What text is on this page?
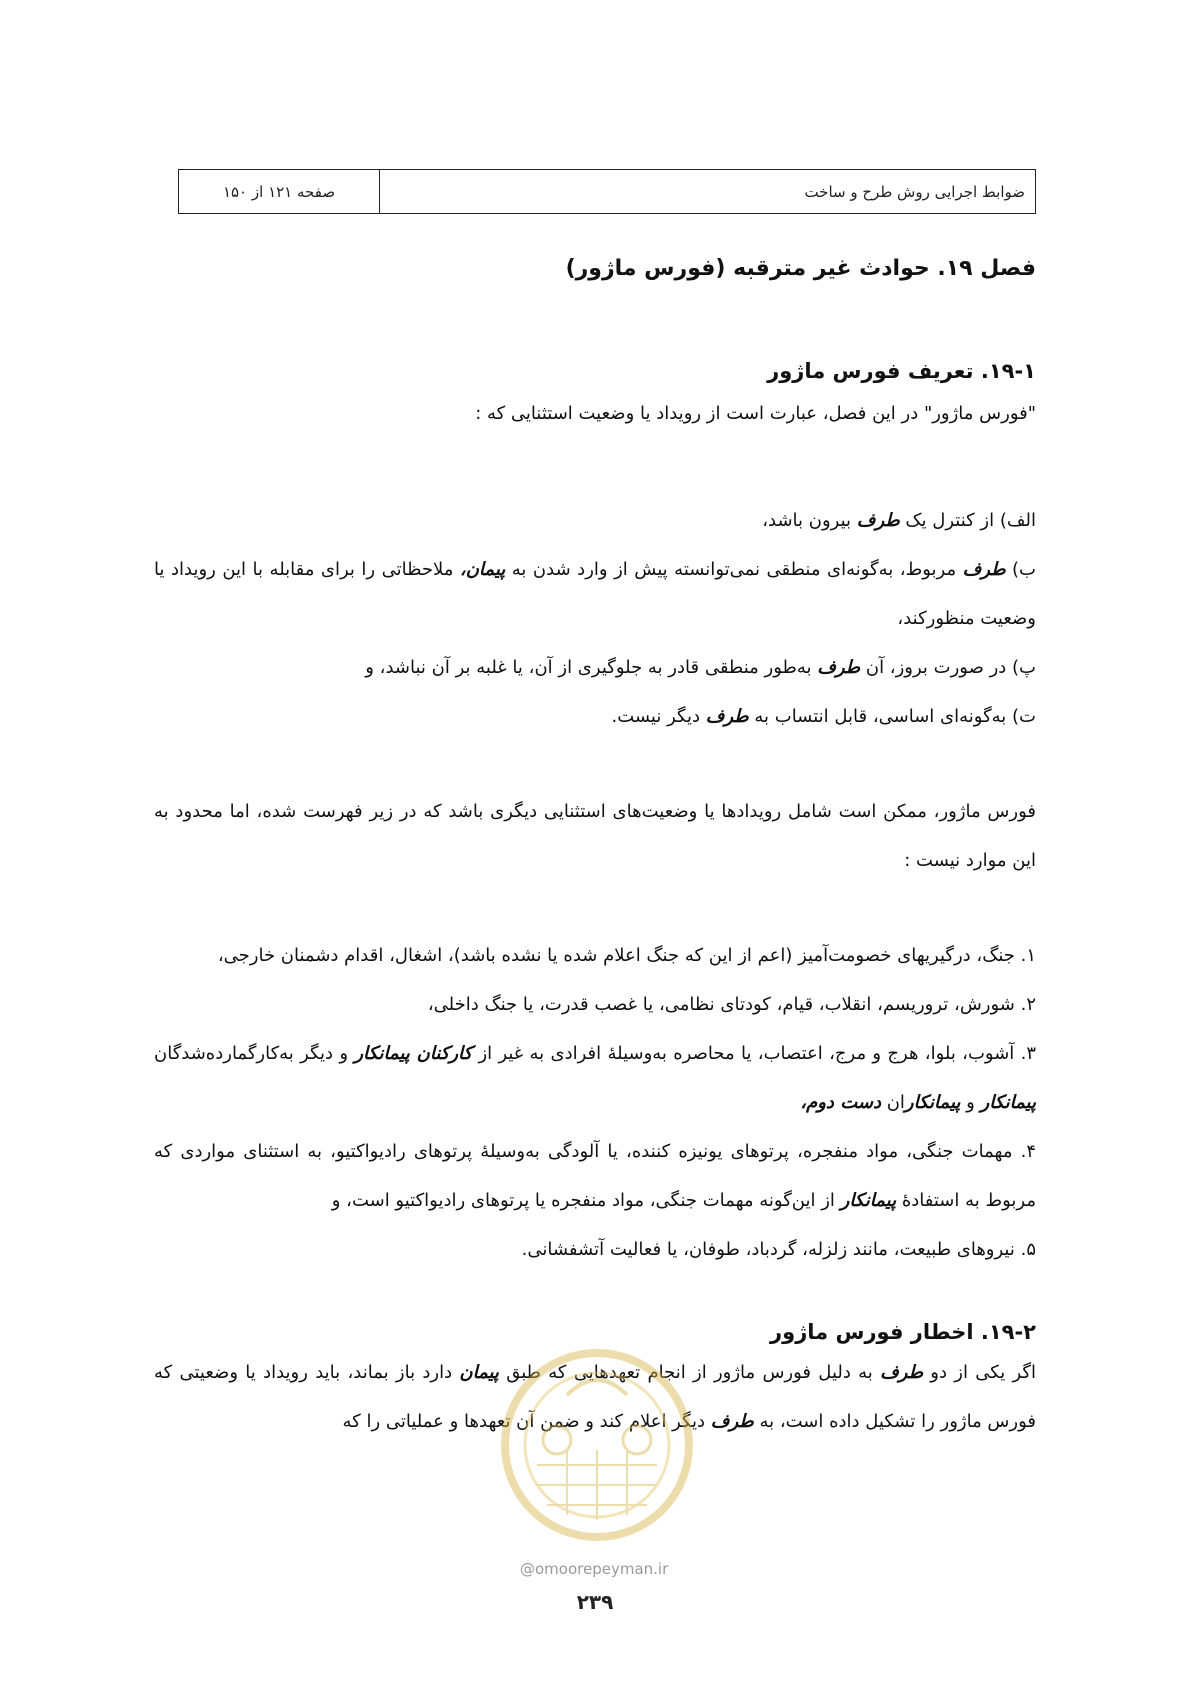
ضوابط اجرایی روش طرح و ساخت
صفحه ۱۲۱ از ۱۵۰
فصل ۱۹. حوادث غیر مترقبه (فورس ماژور)
۱۹-۱. تعریف فورس ماژور

"فورس ماژور" در این فصل، عبارت است از رویداد یا وضعیت استثنایی که :

الف) از کنترل یک طرف بیرون باشد،

ب) طرف مربوط، به‌گونه‌ای منطقی نمی‌توانسته پیش از وارد شدن به پیمان، ملاحظاتی را برای مقابله با این رویداد یا وضعیت منظورکند،

پ) در صورت بروز، آن طرف به‌طور منطقی قادر به جلوگیری از آن، یا غلبه بر آن نباشد، و

ت) به‌گونه‌ای اساسی، قابل انتساب به طرف دیگر نیست.

فورس ماژور، ممکن است شامل رویدادها یا وضعیت‌های استثنایی دیگری باشد که در زیر فهرست شده، اما محدود به این موارد نیست :

۱. جنگ، درگیریهای خصومت‌آمیز (اعم از این که جنگ اعلام شده یا نشده باشد)، اشغال، اقدام دشمنان خارجی،
۲. شورش، تروریسم، انقلاب، قیام، کودتای نظامی، یا غصب قدرت، یا جنگ داخلی،
۳. آشوب، بلوا، هرج و مرج، اعتصاب، یا محاصره به‌وسیلهٔ افرادی به غیر از کارکنان پیمانکار و دیگر به‌کارگمارده‌شدگان پیمانکار و پیمانکاران دست دوم،
۴. مهمات جنگی، مواد منفجره، پرتوهای یونیزه کننده، یا آلودگی به‌وسیلهٔ پرتوهای رادیواکتیو، به استثنای مواردی که مربوط به استفادهٔ پیمانکار از این‌گونه مهمات جنگی، مواد منفجره یا پرتوهای رادیواکتیو است، و
۵. نیروهای طبیعت، مانند زلزله، گردباد، طوفان، یا فعالیت آتشفشانی.
۱۹-۲. اخطار فورس ماژور

اگر یکی از دو طرف به دلیل فورس ماژور از انجام تعهدهایی که طبق پیمان دارد باز بماند، باید رویداد یا وضعیتی که فورس ماژور را تشکیل داده است، به طرف دیگر اعلام کند و ضمن آن تعهدها و عملیاتی را که

@omoorepeyman.ir
۲۳۹
